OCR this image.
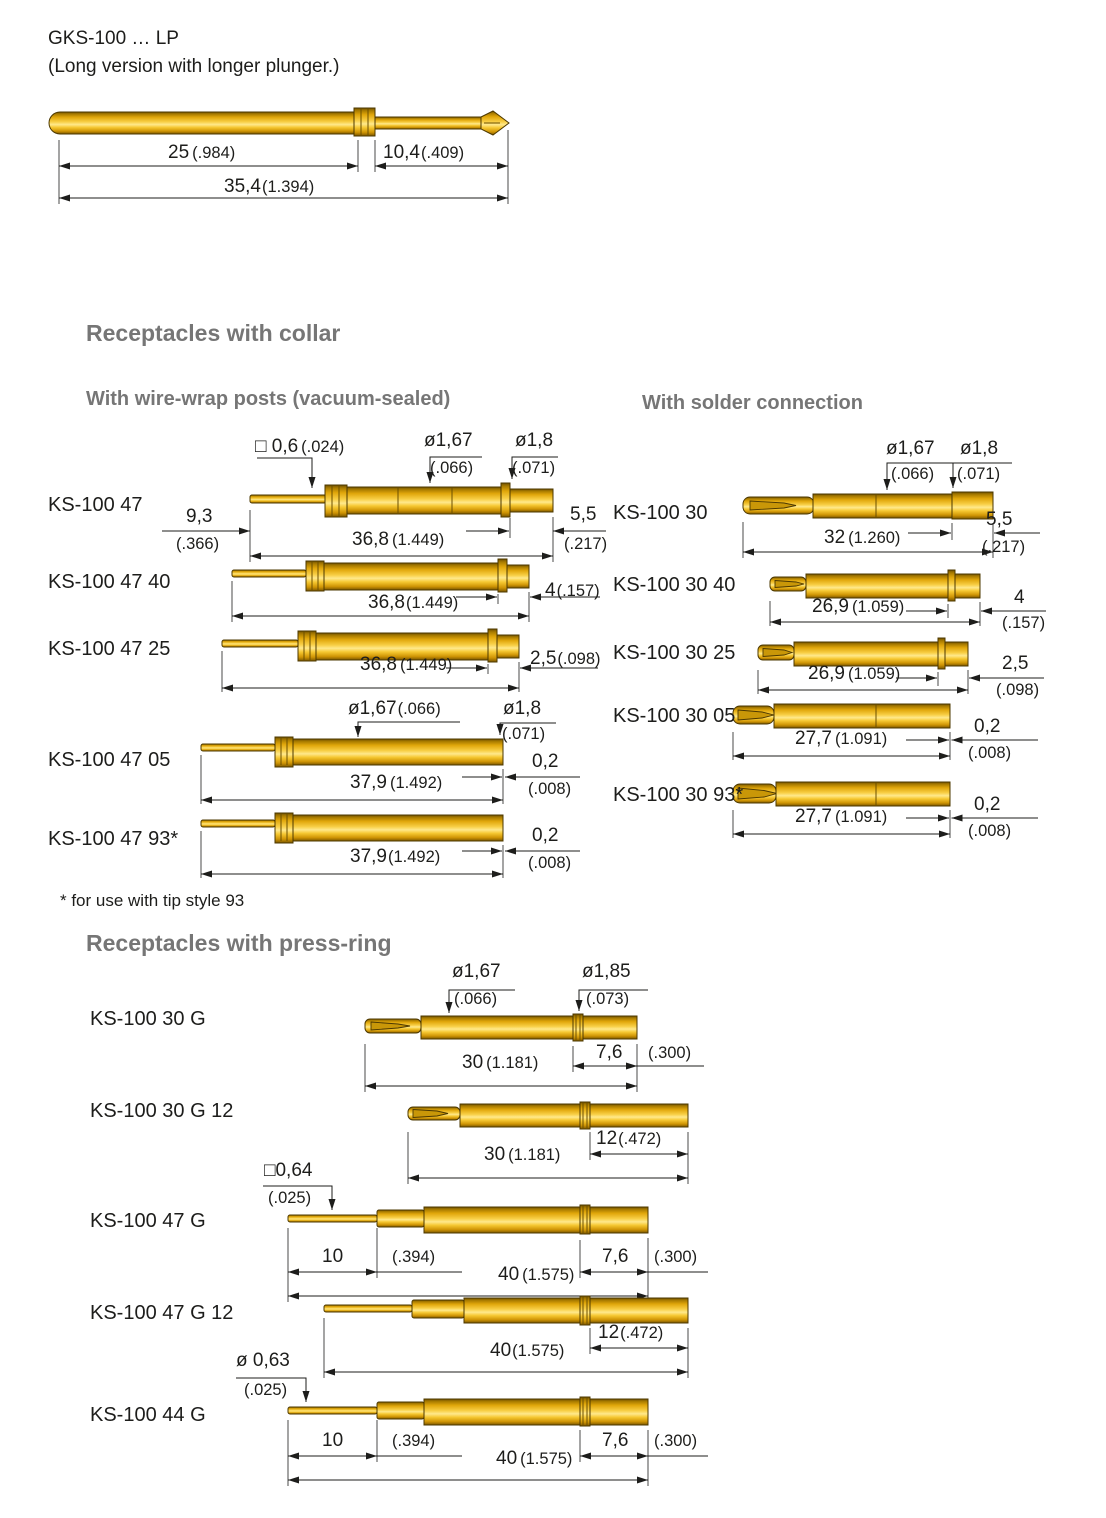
GKS-100 … LP
(Long version with longer plunger.)
25 (.984)	10,4 (.409)
35,4 (1.394)
Receptacles with collar
With wire-wrap posts (vacuum-sealed)	With solder connection
□ 0,6 (.024)	ø1,67
(.066)
ø1,8
(.071)
KS-100 47
9,3
(.366)	36,8 (1.449)
5,5
(.217)
KS-100 47 40
36,8 (1.449)
4 (.157)
KS-100 47 25
36,8 (1.449)	2,5 (.098)
ø1,67 (.066)	ø1,8
(.071)
KS-100 47 05
37,9 (1.492)
0,2
(.008)
KS-100 47 93*
37,9 (1.492)
0,2
(.008)
* for use with tip style 93
ø1,67
(.066)
ø1,8
(.071)
KS-100 30
32 (1.260)
5,5
(.217)
KS-100 30 40
26,9 (1.059)	4
(.157)
KS-100 30 25
26,9 (1.059)	2,5
(.098)
KS-100 30 05
27,7 (1.091)
0,2
(.008)
KS-100 30 93*
27,7 (1.091)
0,2
(.008)
Receptacles with press-ring
ø1,67
(.066)
ø1,85
(.073)
KS-100 30 G
30 (1.181)	7,6 (.300)
KS-100 30 G 12
30 (1.181)
12 (.472)
□0,64
(.025)
KS-100 47 G
10	(.394)
40 (1.575)
7,6 (.300)
KS-100 47 G 12
40 (1.575)
12 (.472)
ø 0,63
(.025)
KS-100 44 G
10	(.394)
40 (1.575)
7,6 (.300)
